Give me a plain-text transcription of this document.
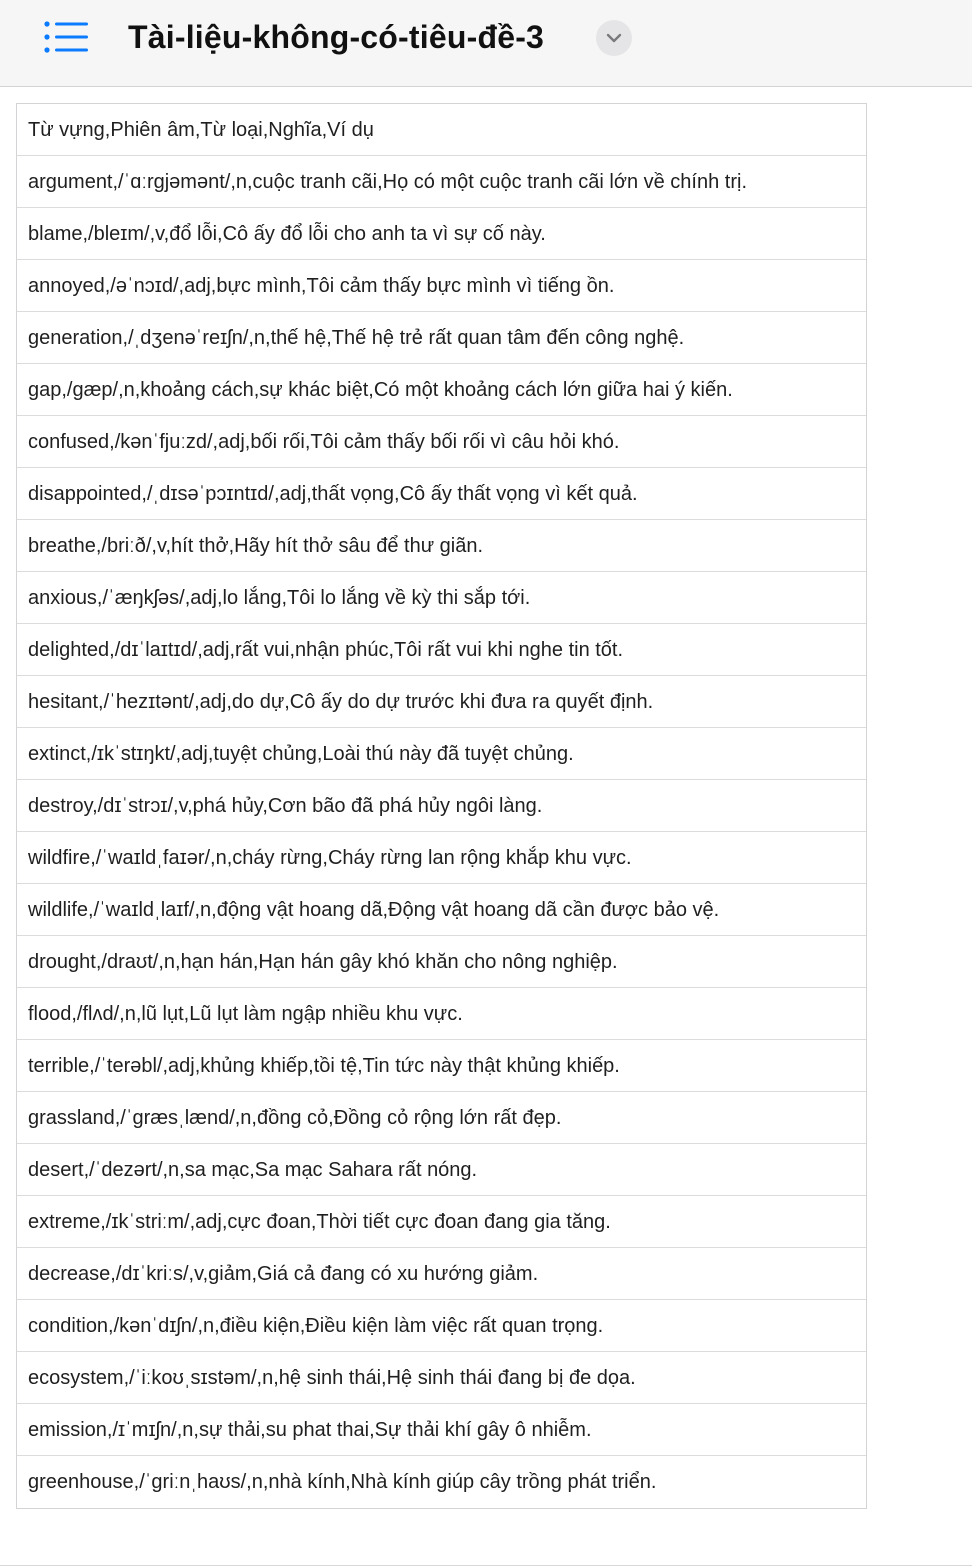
Tài-liệu-không-có-tiêu-đề-3
Từ vựng,Phiên âm,Từ loại,Nghĩa,Ví dụ
argument,/ˈɑːrgjəmənt/,n,cuộc tranh cãi,Họ có một cuộc tranh cãi lớn về chính trị.
blame,/bleɪm/,v,đổ lỗi,Cô ấy đổ lỗi cho anh ta vì sự cố này.
annoyed,/əˈnɔɪd/,adj,bực mình,Tôi cảm thấy bực mình vì tiếng ồn.
generation,/ˌdʒenəˈreɪʃn/,n,thế hệ,Thế hệ trẻ rất quan tâm đến công nghệ.
gap,/gæp/,n,khoảng cách,sự khác biệt,Có một khoảng cách lớn giữa hai ý kiến.
confused,/kənˈfjuːzd/,adj,bối rối,Tôi cảm thấy bối rối vì câu hỏi khó.
disappointed,/ˌdɪsəˈpɔɪntɪd/,adj,thất vọng,Cô ấy thất vọng vì kết quả.
breathe,/briːð/,v,hít thở,Hãy hít thở sâu để thư giãn.
anxious,/ˈæŋkʃəs/,adj,lo lắng,Tôi lo lắng về kỳ thi sắp tới.
delighted,/dɪˈlaɪtɪd/,adj,rất vui,nhận phúc,Tôi rất vui khi nghe tin tốt.
hesitant,/ˈhezɪtənt/,adj,do dự,Cô ấy do dự trước khi đưa ra quyết định.
extinct,/ɪkˈstɪŋkt/,adj,tuyệt chủng,Loài thú này đã tuyệt chủng.
destroy,/dɪˈstrɔɪ/,v,phá hủy,Cơn bão đã phá hủy ngôi làng.
wildfire,/ˈwaɪldˌfaɪər/,n,cháy rừng,Cháy rừng lan rộng khắp khu vực.
wildlife,/ˈwaɪldˌlaɪf/,n,động vật hoang dã,Động vật hoang dã cần được bảo vệ.
drought,/draʊt/,n,hạn hán,Hạn hán gây khó khăn cho nông nghiệp.
flood,/flʌd/,n,lũ lụt,Lũ lụt làm ngập nhiều khu vực.
terrible,/ˈterəbl/,adj,khủng khiếp,tồi tệ,Tin tức này thật khủng khiếp.
grassland,/ˈgræsˌlænd/,n,đồng cỏ,Đồng cỏ rộng lớn rất đẹp.
desert,/ˈdezərt/,n,sa mạc,Sa mạc Sahara rất nóng.
extreme,/ɪkˈstriːm/,adj,cực đoan,Thời tiết cực đoan đang gia tăng.
decrease,/dɪˈkriːs/,v,giảm,Giá cả đang có xu hướng giảm.
condition,/kənˈdɪʃn/,n,điều kiện,Điều kiện làm việc rất quan trọng.
ecosystem,/ˈiːkoʊˌsɪstəm/,n,hệ sinh thái,Hệ sinh thái đang bị đe dọa.
emission,/ɪˈmɪʃn/,n,sự thải,su phat thai,Sự thải khí gây ô nhiễm.
greenhouse,/ˈgriːnˌhaʊs/,n,nhà kính,Nhà kính giúp cây trồng phát triển.
